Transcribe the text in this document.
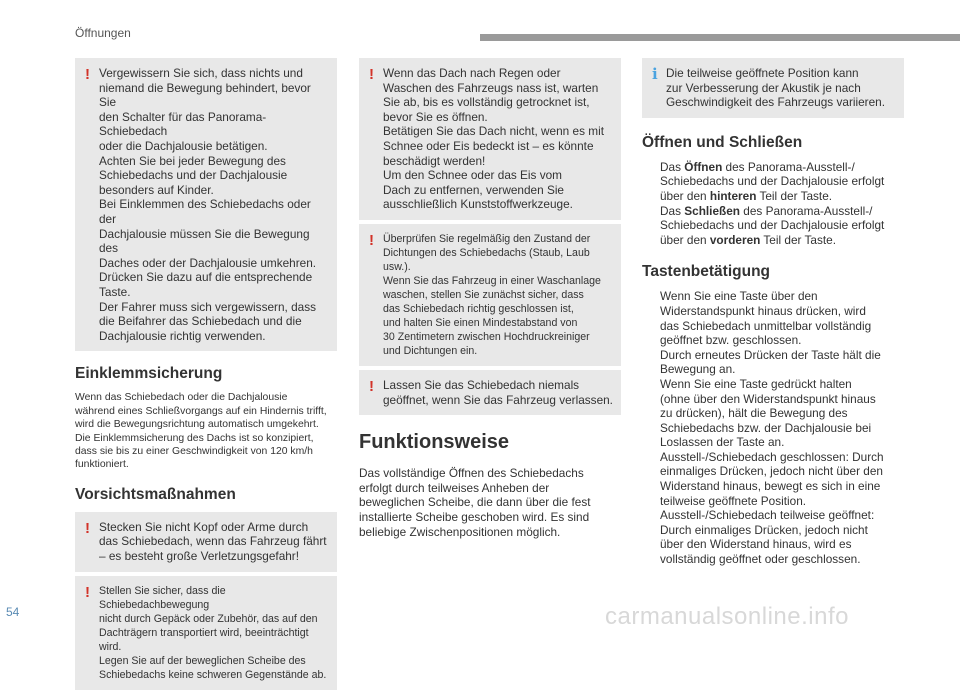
Öffnungen
! Vergewissern Sie sich, dass nichts und
niemand die Bewegung behindert, bevor Sie
den Schalter für das Panorama-Schiebedach
oder die Dachjalousie betätigen.
Achten Sie bei jeder Bewegung des
Schiebedachs und der Dachjalousie
besonders auf Kinder.
Bei Einklemmen des Schiebedachs oder der
Dachjalousie müssen Sie die Bewegung des
Daches oder der Dachjalousie umkehren.
Drücken Sie dazu auf die entsprechende
Taste.
Der Fahrer muss sich vergewissern, dass
die Beifahrer das Schiebedach und die
Dachjalousie richtig verwenden.

Einklemmsicherung

Wenn das Schiebedach oder die Dachjalousie
während eines Schließvorgangs auf ein Hindernis trifft,
wird die Bewegungsrichtung automatisch umgekehrt.
Die Einklemmsicherung des Dachs ist so konzipiert,
dass sie bis zu einer Geschwindigkeit von 120 km/h
funktioniert.

Vorsichtsmaßnahmen
! Stecken Sie nicht Kopf oder Arme durch
das Schiebedach, wenn das Fahrzeug fährt
– es besteht große Verletzungsgefahr!

! Stellen Sie sicher, dass die Schiebedachbewegung
nicht durch Gepäck oder Zubehör, das auf den
Dachträgern transportiert wird, beeinträchtigt wird.
Legen Sie auf der beweglichen Scheibe des
Schiebedachs keine schweren Gegenstände ab.

! Wenn das Dach nach Regen oder
Waschen des Fahrzeugs nass ist, warten
Sie ab, bis es vollständig getrocknet ist,
bevor Sie es öffnen.
Betätigen Sie das Dach nicht, wenn es mit
Schnee oder Eis bedeckt ist – es könnte
beschädigt werden!
Um den Schnee oder das Eis vom
Dach zu entfernen, verwenden Sie
ausschließlich Kunststoffwerkzeuge.

! Überprüfen Sie regelmäßig den Zustand der
Dichtungen des Schiebedachs (Staub, Laub
usw.).
Wenn Sie das Fahrzeug in einer Waschanlage
waschen, stellen Sie zunächst sicher, dass
das Schiebedach richtig geschlossen ist,
und halten Sie einen Mindestabstand von
30 Zentimetern zwischen Hochdruckreiniger
und Dichtungen ein.

! Lassen Sie das Schiebedach niemals
geöffnet, wenn Sie das Fahrzeug verlassen.

Funktionsweise

Das vollständige Öffnen des Schiebedachs
erfolgt durch teilweises Anheben der
beweglichen Scheibe, die dann über die fest
installierte Scheibe geschoben wird. Es sind
beliebige Zwischenpositionen möglich.

i Die teilweise geöffnete Position kann
zur Verbesserung der Akustik je nach
Geschwindigkeit des Fahrzeugs variieren.

Öffnen und Schließen
Das Öffnen des Panorama-Ausstell-/
Schiebedachs und der Dachjalousie erfolgt
über den hinteren Teil der Taste.
Das Schließen des Panorama-Ausstell-/
Schiebedachs und der Dachjalousie erfolgt
über den vorderen Teil der Taste.
Tastenbetätigung
Wenn Sie eine Taste über den
Widerstandspunkt hinaus drücken, wird
das Schiebedach unmittelbar vollständig
geöffnet bzw. geschlossen.
Durch erneutes Drücken der Taste hält die
Bewegung an.
Wenn Sie eine Taste gedrückt halten
(ohne über den Widerstandspunkt hinaus
zu drücken), hält die Bewegung des
Schiebedachs bzw. der Dachjalousie bei
Loslassen der Taste an.
Ausstell-/Schiebedach geschlossen: Durch
einmaliges Drücken, jedoch nicht über den
Widerstand hinaus, bewegt es sich in eine
teilweise geöffnete Position.
Ausstell-/Schiebedach teilweise geöffnet:
Durch einmaliges Drücken, jedoch nicht
über den Widerstand hinaus, wird es
vollständig geöffnet oder geschlossen.
54	carmanualsonline.info
